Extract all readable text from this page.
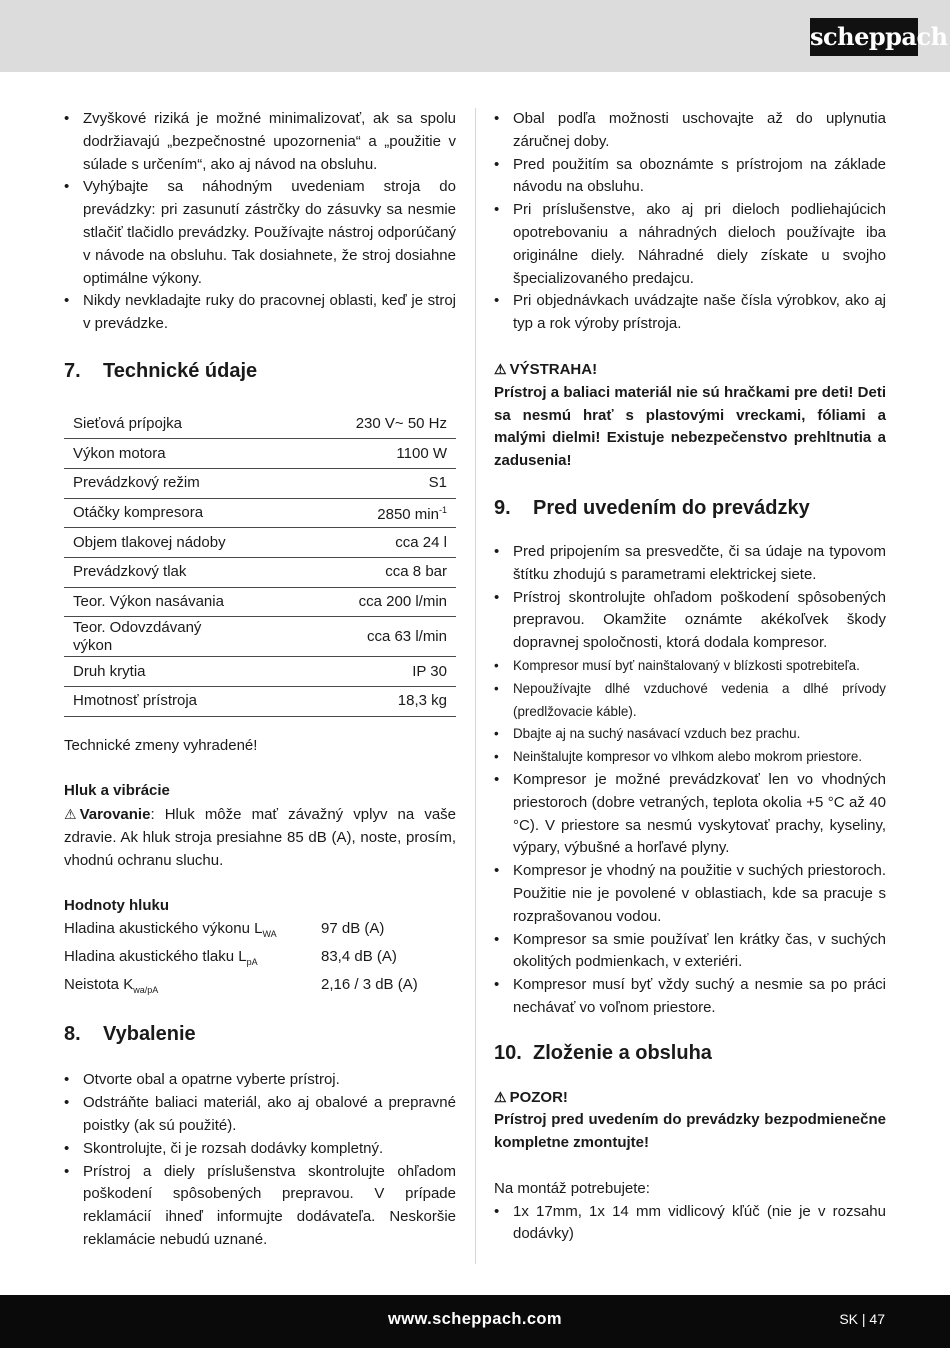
scheppach
• Zvyškové riziká je možné minimalizovať, ak sa spolu dodržiavajú „bezpečnostné upozornenia“ a „použitie v súlade s určením“, ako aj návod na obsluhu.
• Vyhýbajte sa náhodným uvedeniam stroja do prevádzky: pri zasunutí zástrčky do zásuvky sa nesmie stlačiť tlačidlo prevádzky. Používajte nástroj odporúčaný v návode na obsluhu. Tak dosiahnete, že stroj dosiahne optimálne výkony.
• Nikdy nevkladajte ruky do pracovnej oblasti, keď je stroj v prevádzke.
7.	Technické údaje
Sieťová prípojka	230 V~ 50 Hz
Výkon motora	1100 W
Prevádzkový režim	S1
Otáčky kompresora	2850 $\min^{-1}$
Objem tlakovej nádoby	cca 24 l
Prevádzkový tlak	cca 8 bar
Teor. Výkon nasávania	cca 200 l/min
Teor. Odovzdávaný výkon	cca 63 l/min
Druh krytia	IP 30
Hmotnosť prístroja	18,3 kg
Technické zmeny vyhradené!
Hluk a vibrácie
⚠ Varovanie: Hluk môže mať závažný vplyv na vaše zdravie. Ak hluk stroja presiahne 85 dB (A), noste, prosím, vhodnú ochranu sluchu.
Hodnoty hluku
Hladina akustického výkonu $L_{WA}$	97 dB (A)
Hladina akustického tlaku $L_{pA}$	83,4 dB (A)
Neistota $K_{wa/pA}$	2,16 / 3 dB (A)
8.	Vybalenie
• Otvorte obal a opatrne vyberte prístroj.
• Odstráňte baliaci materiál, ako aj obalové a prepravné poistky (ak sú použité).
• Skontrolujte, či je rozsah dodávky kompletný.
• Prístroj a diely príslušenstva skontrolujte ohľadom poškodení spôsobených prepravou. V prípade reklamácií ihneď informujte dodávateľa. Neskoršie reklamácie nebudú uznané.
• Obal podľa možnosti uschovajte až do uplynutia záručnej doby.
• Pred použitím sa oboznámte s prístrojom na základe návodu na obsluhu.
• Pri príslušenstve, ako aj pri dieloch podliehajúcich opotrebovaniu a náhradných dieloch používajte iba originálne diely. Náhradné diely získate u svojho špecializovaného predajcu.
• Pri objednávkach uvádzajte naše čísla výrobkov, ako aj typ a rok výroby prístroja.
⚠ VÝSTRAHA!
Prístroj a baliaci materiál nie sú hračkami pre deti! Deti sa nesmú hrať s plastovými vreckami, fóliami a malými dielmi! Existuje nebezpečenstvo prehltnutia a zadusenia!
9.	Pred uvedením do prevádzky
• Pred pripojením sa presvedčte, či sa údaje na typovom štítku zhodujú s parametrami elektrickej siete.
• Prístroj skontrolujte ohľadom poškodení spôsobených prepravou. Okamžite oznámte akékoľvek škody dopravnej spoločnosti, ktorá dodala kompresor.
• Kompresor musí byť nainštalovaný v blízkosti spotrebiteľa.
• Nepoužívajte dlhé vzduchové vedenia a dlhé prívody (predlžovacie káble).
• Dbajte aj na suchý nasávací vzduch bez prachu.
• Neinštalujte kompresor vo vlhkom alebo mokrom priestore.
• Kompresor je možné prevádzkovať len vo vhodných priestoroch (dobre vetraných, teplota okolia +5 °C až 40 °C). V priestore sa nesmú vyskytovať prachy, kyseliny, výpary, výbušné a horľavé plyny.
• Kompresor je vhodný na použitie v suchých priestoroch. Použitie nie je povolené v oblastiach, kde sa pracuje s rozprašovanou vodou.
• Kompresor sa smie používať len krátky čas, v suchých okolitých podmienkach, v exteriéri.
• Kompresor musí byť vždy suchý a nesmie sa po práci nechávať vo voľnom priestore.
10. Zloženie a obsluha
⚠ POZOR!
Prístroj pred uvedením do prevádzky bezpodmienečne kompletne zmontujte!
Na montáž potrebujete:
• 1x 17mm, 1x 14 mm vidlicový kľúč (nie je v rozsahu dodávky)
www.scheppach.com	SK | 47
